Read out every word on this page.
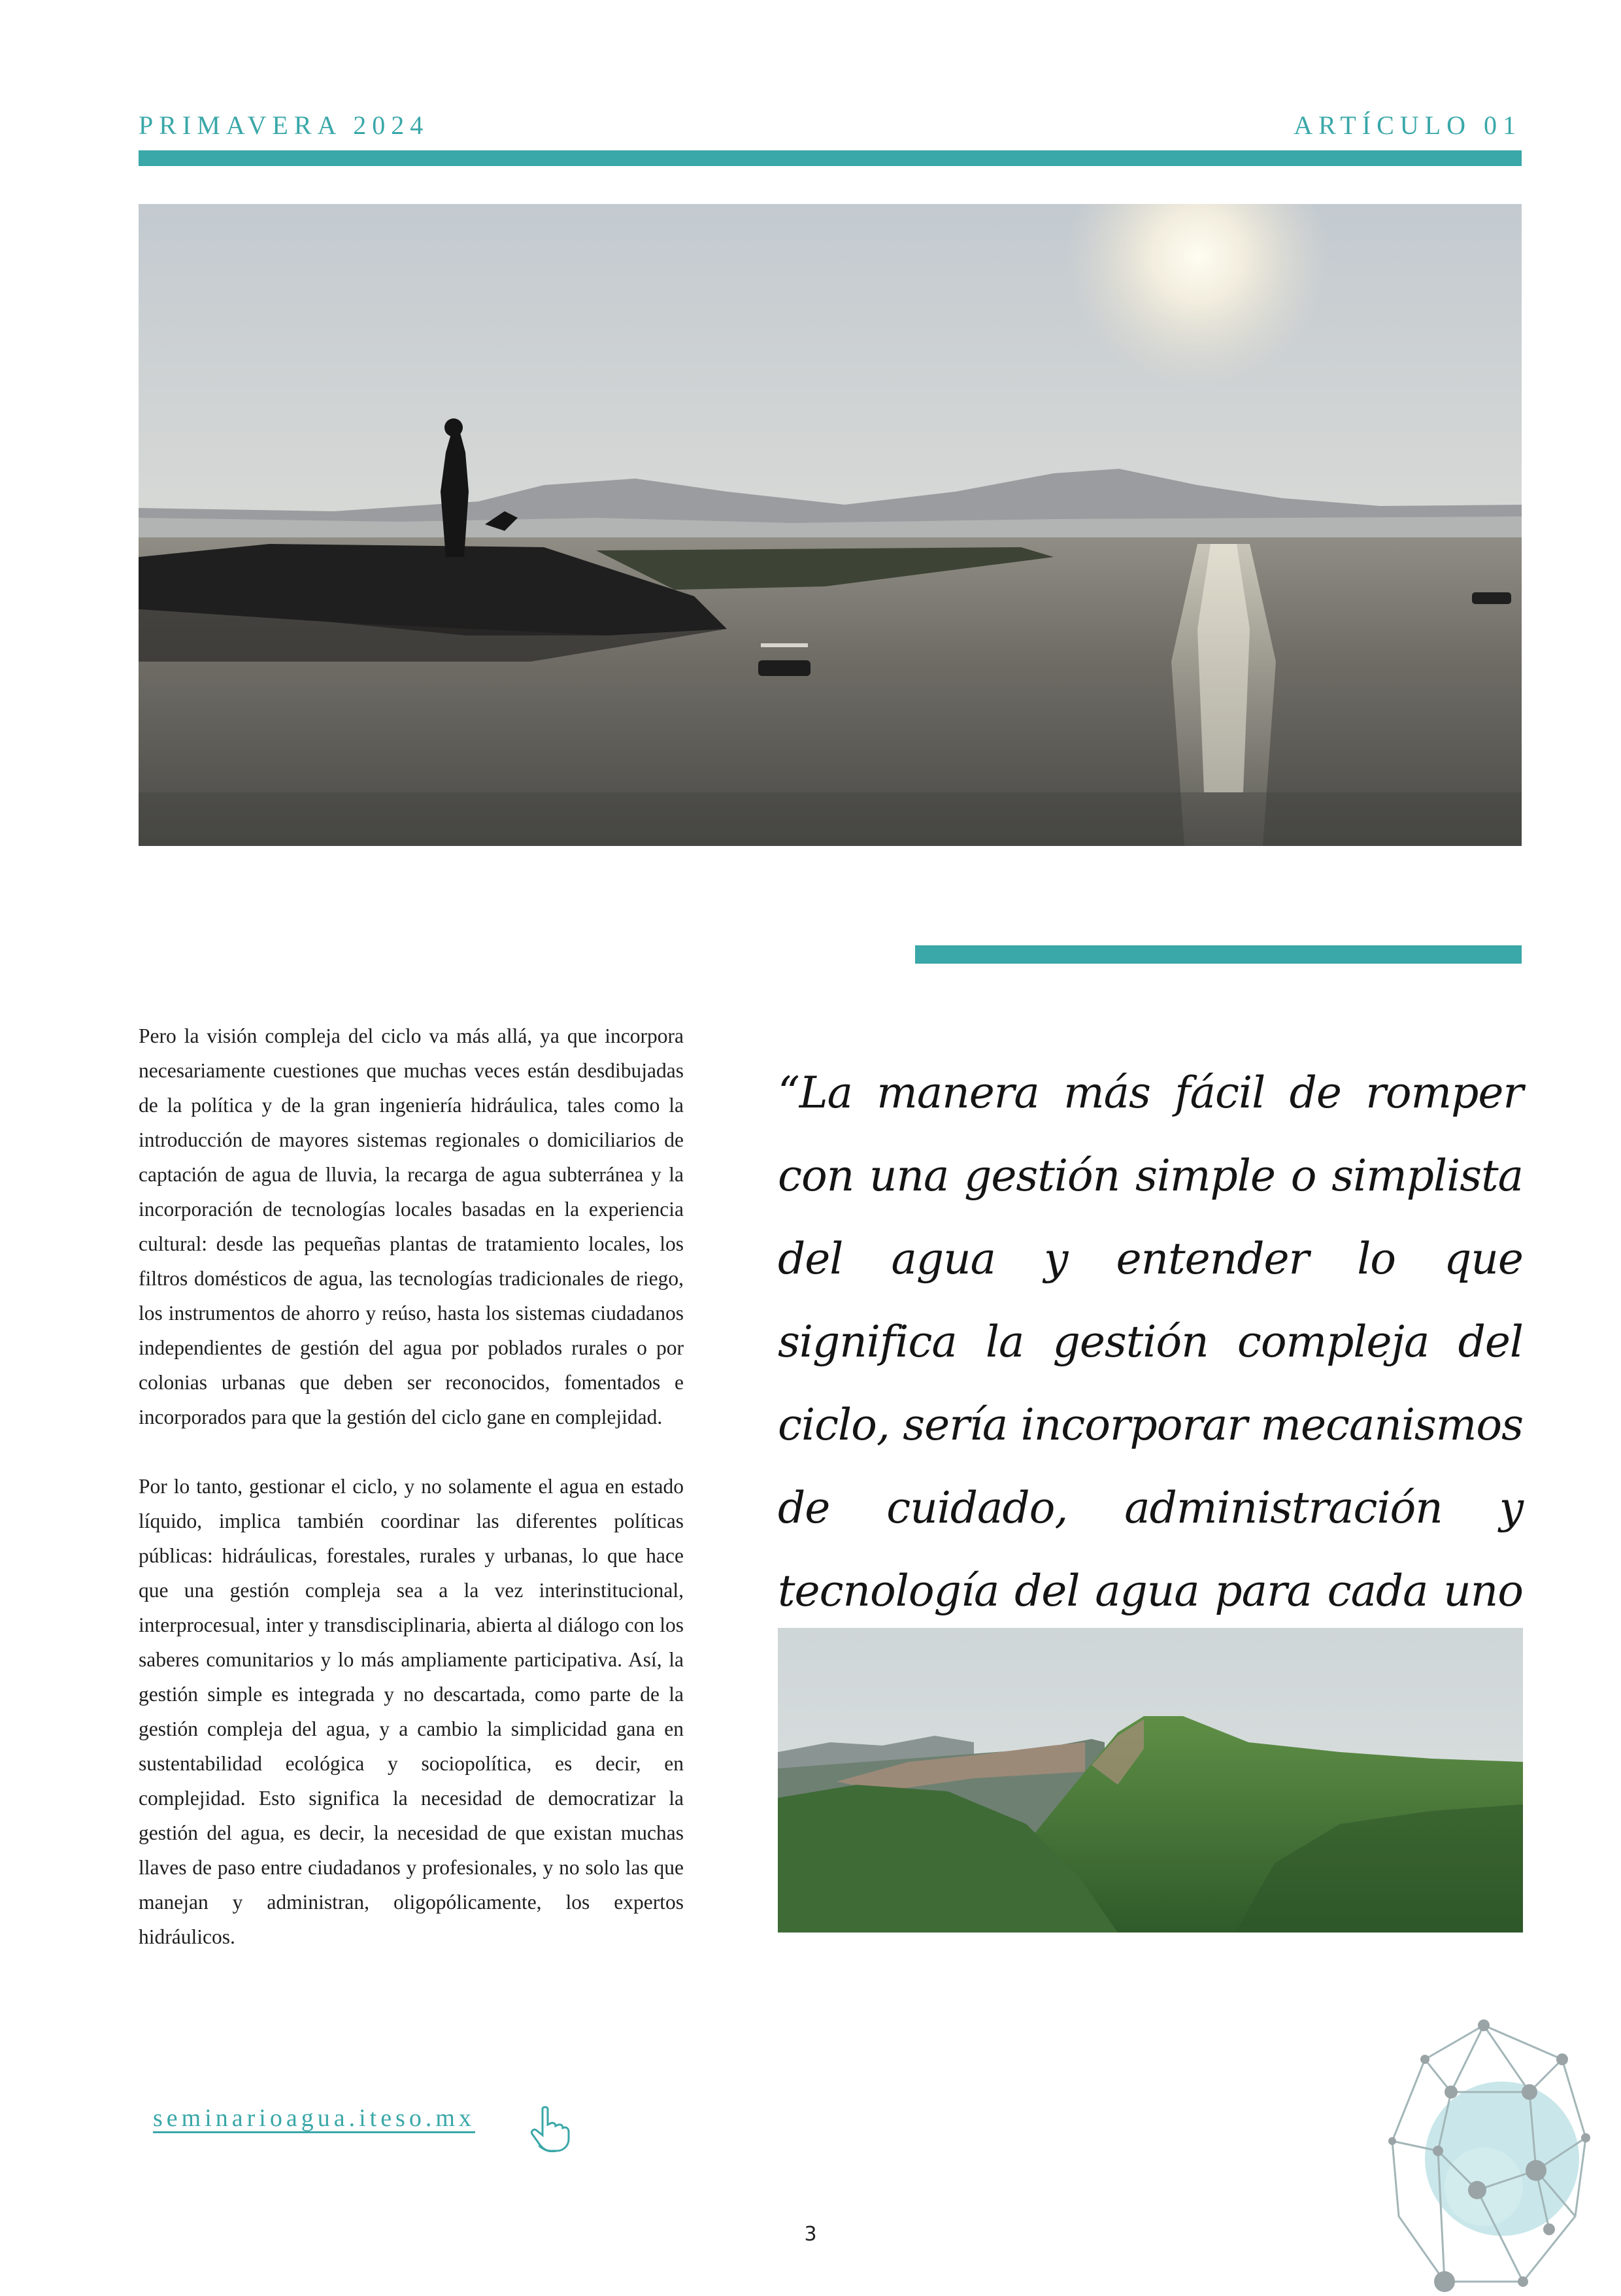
PRIMAVERA 2024	ARTÍCULO 01

Pero la visión compleja del ciclo va más allá, ya que incorpora necesariamente cuestiones que muchas veces están desdibujadas de la política y de la gran ingeniería hidráulica, tales como la introducción de mayores sistemas regionales o domiciliarios de captación de agua de lluvia, la recarga de agua subterránea y la incorporación de tecnologías locales basadas en la experiencia cultural: desde las pequeñas plantas de tratamiento locales, los filtros domésticos de agua, las tecnologías tradicionales de riego, los instrumentos de ahorro y reúso, hasta los sistemas ciudadanos independientes de gestión del agua por poblados rurales o por colonias urbanas que deben ser reconocidos, fomentados e incorporados para que la gestión del ciclo gane en complejidad.

Por lo tanto, gestionar el ciclo, y no solamente el agua en estado líquido, implica también coordinar las diferentes políticas públicas: hidráulicas, forestales, rurales y urbanas, lo que hace que una gestión compleja sea a la vez interinstitucional, interprocesual, inter y transdisciplinaria, abierta al diálogo con los saberes comunitarios y lo más ampliamente participativa. Así, la gestión simple es integrada y no descartada, como parte de la gestión compleja del agua, y a cambio la simplicidad gana en sustentabilidad ecológica y sociopolítica, es decir, en complejidad. Esto significa la necesidad de democratizar la gestión del agua, es decir, la necesidad de que existan muchas llaves de paso entre ciudadanos y profesionales, y no solo las que manejan y administran, oligopólicamente, los expertos hidráulicos.

“La manera más fácil de romper con una gestión simple o simplista del agua y entender lo que significa la gestión compleja del ciclo, sería incorporar mecanismos de cuidado, administración y tecnología del agua para cada uno
seminarioagua.iteso.mx
3
